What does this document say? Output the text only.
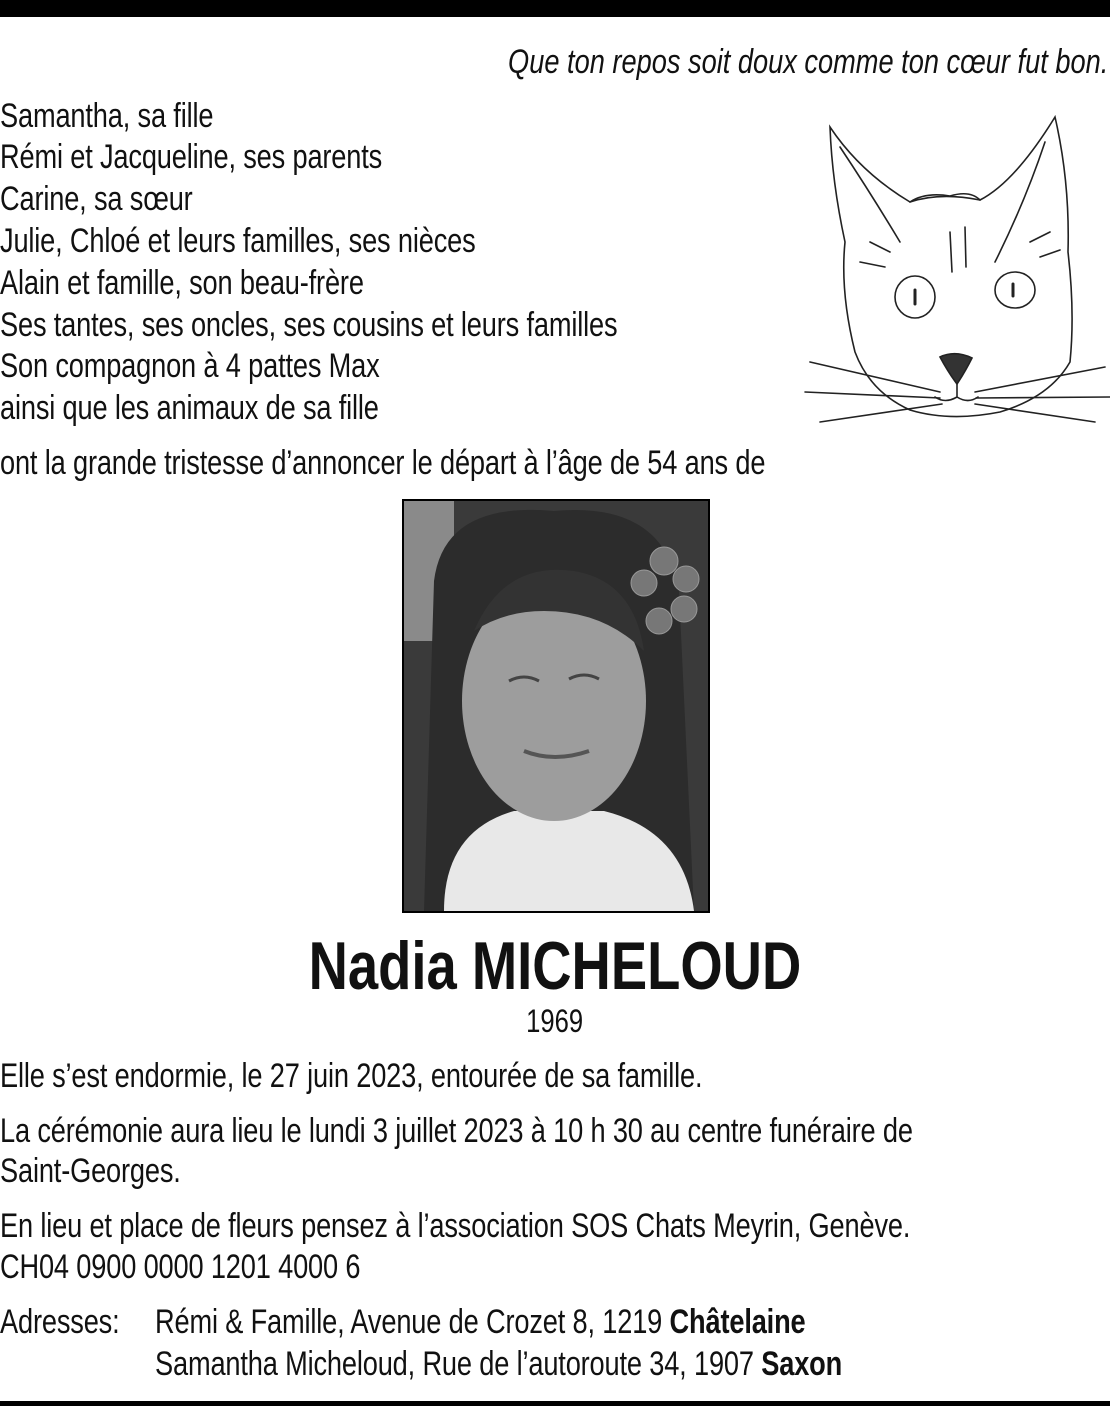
Que ton repos soit doux comme ton cœur fut bon.
Samantha, sa fille
Rémi et Jacqueline, ses parents
Carine, sa sœur
Julie, Chloé et leurs familles, ses nièces
Alain et famille, son beau-frère
Ses tantes, ses oncles, ses cousins et leurs familles
Son compagnon à 4 pattes Max
ainsi que les animaux de sa fille
ont la grande tristesse d’annoncer le départ à l’âge de 54 ans de
Nadia MICHELOUD
1969
Elle s’est endormie, le 27 juin 2023, entourée de sa famille.
La cérémonie aura lieu le lundi 3 juillet 2023 à 10 h 30 au centre funéraire de
Saint-Georges.
En lieu et place de fleurs pensez à l’association SOS Chats Meyrin, Genève.
CH04 0900 0000 1201 4000 6
Adresses: Rémi & Famille, Avenue de Crozet 8, 1219 Châtelaine
Samantha Micheloud, Rue de l’autoroute 34, 1907 Saxon
